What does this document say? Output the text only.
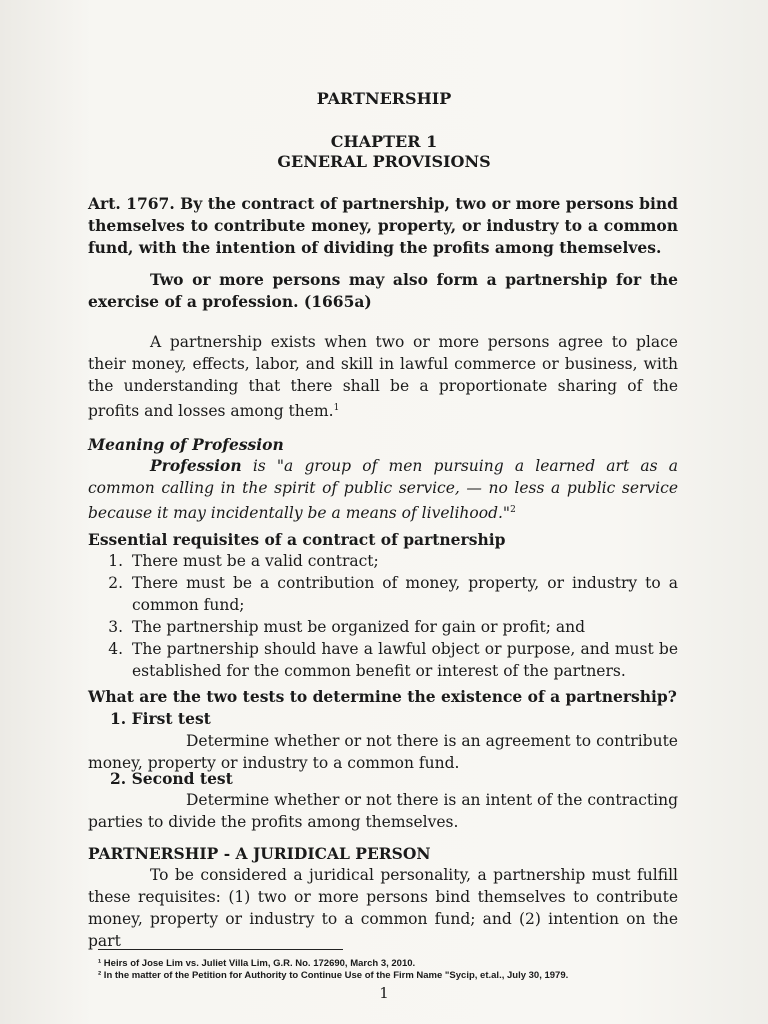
PARTNERSHIP
CHAPTER 1
GENERAL PROVISIONS
Art. 1767. By the contract of partnership, two or more persons bind themselves to contribute money, property, or industry to a common fund, with the intention of dividing the profits among themselves.
Two or more persons may also form a partnership for the exercise of a profession. (1665a)
A partnership exists when two or more persons agree to place their money, effects, labor, and skill in lawful commerce or business, with the understanding that there shall be a proportionate sharing of the profits and losses among them.$^1$
Meaning of Profession
Profession is "a group of men pursuing a learned art as a common calling in the spirit of public service, — no less a public service because it may incidentally be a means of livelihood."$^2$
Essential requisites of a contract of partnership
1. There must be a valid contract;
2. There must be a contribution of money, property, or industry to a common fund;
3. The partnership must be organized for gain or profit; and
4. The partnership should have a lawful object or purpose, and must be established for the common benefit or interest of the partners.
What are the two tests to determine the existence of a partnership?
1. First test
Determine whether or not there is an agreement to contribute money, property or industry to a common fund.
2. Second test
Determine whether or not there is an intent of the contracting parties to divide the profits among themselves.
PARTNERSHIP - A JURIDICAL PERSON
To be considered a juridical personality, a partnership must fulfill these requisites: (1) two or more persons bind themselves to contribute money, property or industry to a common fund; and (2) intention on the part
¹ Heirs of Jose Lim vs. Juliet Villa Lim, G.R. No. 172690, March 3, 2010.
² In the matter of the Petition for Authority to Continue Use of the Firm Name "Sycip, et.al., July 30, 1979.
1
